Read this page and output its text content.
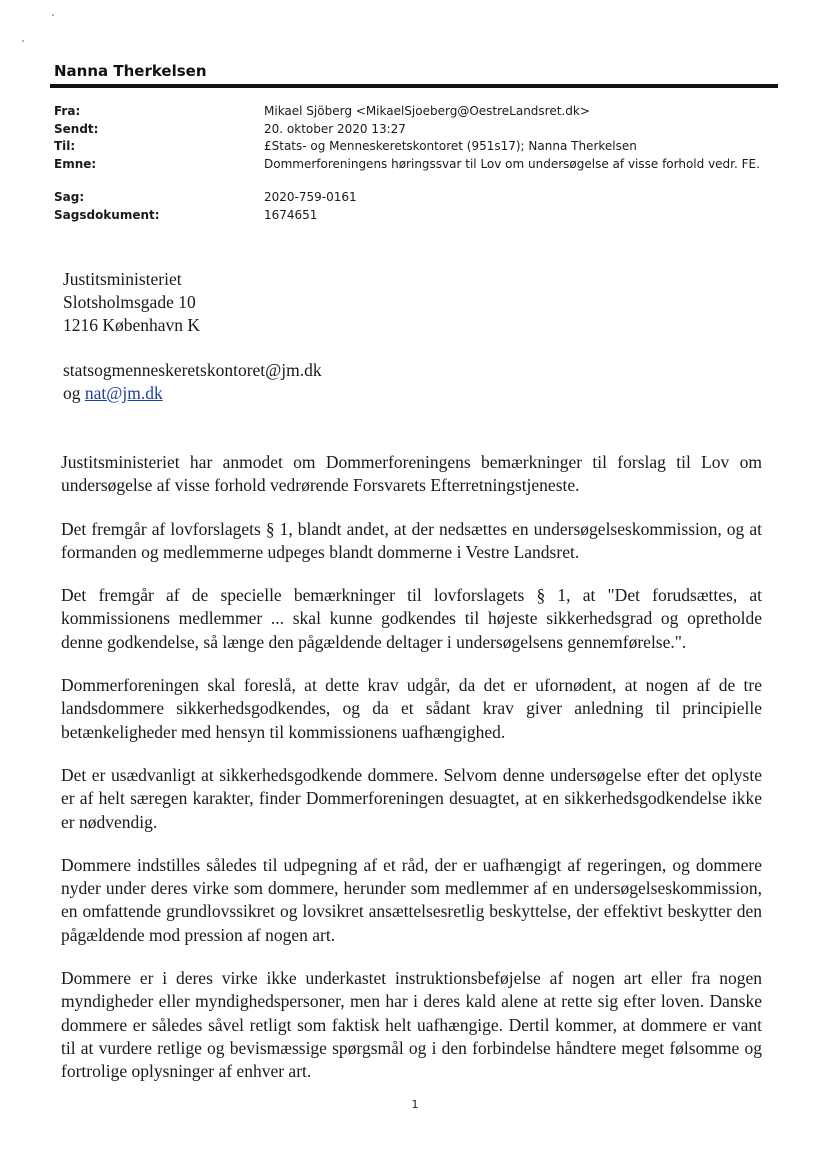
Nanna Therkelsen
Fra:	Mikael Sjöberg <MikaelSjoeberg@OestreLandsret.dk>
Sendt:	20. oktober 2020 13:27
Til:	£Stats- og Menneskeretskontoret (951s17); Nanna Therkelsen
Emne:	Dommerforeningens høringssvar til Lov om undersøgelse af visse forhold vedr. FE.
Sag:	2020-759-0161
Sagsdokument:	1674651
Justitsministeriet
Slotsholmsgade 10
1216 København K
statsogmenneskeretskontoret@jm.dk
og nat@jm.dk

Justitsministeriet har anmodet om Dommerforeningens bemærkninger til forslag til Lov om undersøgelse af visse forhold vedrørende Forsvarets Efterretningstjeneste.

Det fremgår af lovforslagets § 1, blandt andet, at der nedsættes en undersøgelseskommission, og at formanden og medlemmerne udpeges blandt dommerne i Vestre Landsret.

Det fremgår af de specielle bemærkninger til lovforslagets § 1, at "Det forudsættes, at kommissionens medlemmer ... skal kunne godkendes til højeste sikkerhedsgrad og opretholde denne godkendelse, så længe den pågældende deltager i undersøgelsens gennemførelse.".

Dommerforeningen skal foreslå, at dette krav udgår, da det er ufornødent, at nogen af de tre landsdommere sikkerhedsgodkendes, og da et sådant krav giver anledning til principielle betænkeligheder med hensyn til kommissionens uafhængighed.

Det er usædvanligt at sikkerhedsgodkende dommere. Selvom denne undersøgelse efter det oplyste er af helt særegen karakter, finder Dommerforeningen desuagtet, at en sikkerhedsgodkendelse ikke er nødvendig.

Dommere indstilles således til udpegning af et råd, der er uafhængigt af regeringen, og dommere nyder under deres virke som dommere, herunder som medlemmer af en undersøgelseskommission, en omfattende grundlovssikret og lovsikret ansættelsesretlig beskyttelse, der effektivt beskytter den pågældende mod pression af nogen art.

Dommere er i deres virke ikke underkastet instruktionsbeføjelse af nogen art eller fra nogen myndigheder eller myndighedspersoner, men har i deres kald alene at rette sig efter loven. Danske dommere er således såvel retligt som faktisk helt uafhængige. Dertil kommer, at dommere er vant til at vurdere retlige og bevismæssige spørgsmål og i den forbindelse håndtere meget følsomme og fortrolige oplysninger af enhver art.

1
